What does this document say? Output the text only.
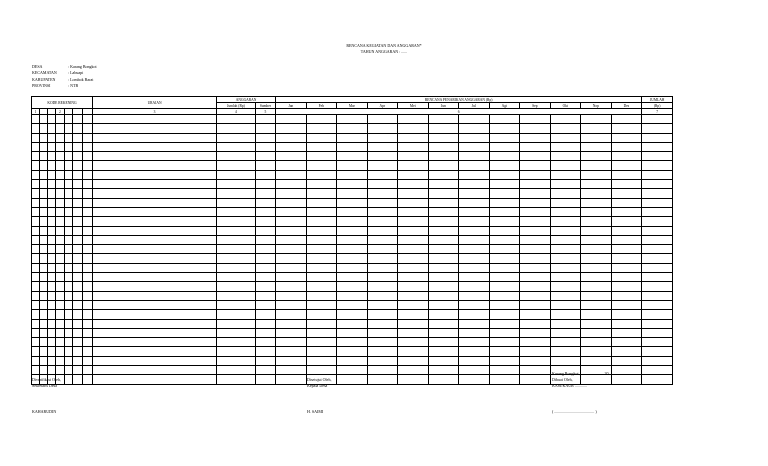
RENCANA KEGIATAN DAN ANGGARAN*
TAHUN ANGGARAN : ......
DESA	: Karang Bongkot
KECAMATAN	: Labuapi
KABUPATEN	: Lombok Barat
PROVINSI	: NTB
KODE REKENING							URAIAN	ANGGARAN		RENCANA PENARIKAN ANGGARAN (Rp)												JUMLAH
								Jumlah (Rp)	Sumber	Jan	Feb	Mar	Apr	Mei	Jun	Jul	Agt	Sep	Okt	Nop	Des	(Rp)
1			2				3	4	5	6												7

Diverifikasi Oleh,
Sekretaris Desa
KAHARUDIN
Disetujui Oleh,
Kepala Desa
H. SAIMI
Karang Bongkot , ...................... 20 ......
Dibuat Oleh,
KASI/KAUR ............
( ........................................ )
